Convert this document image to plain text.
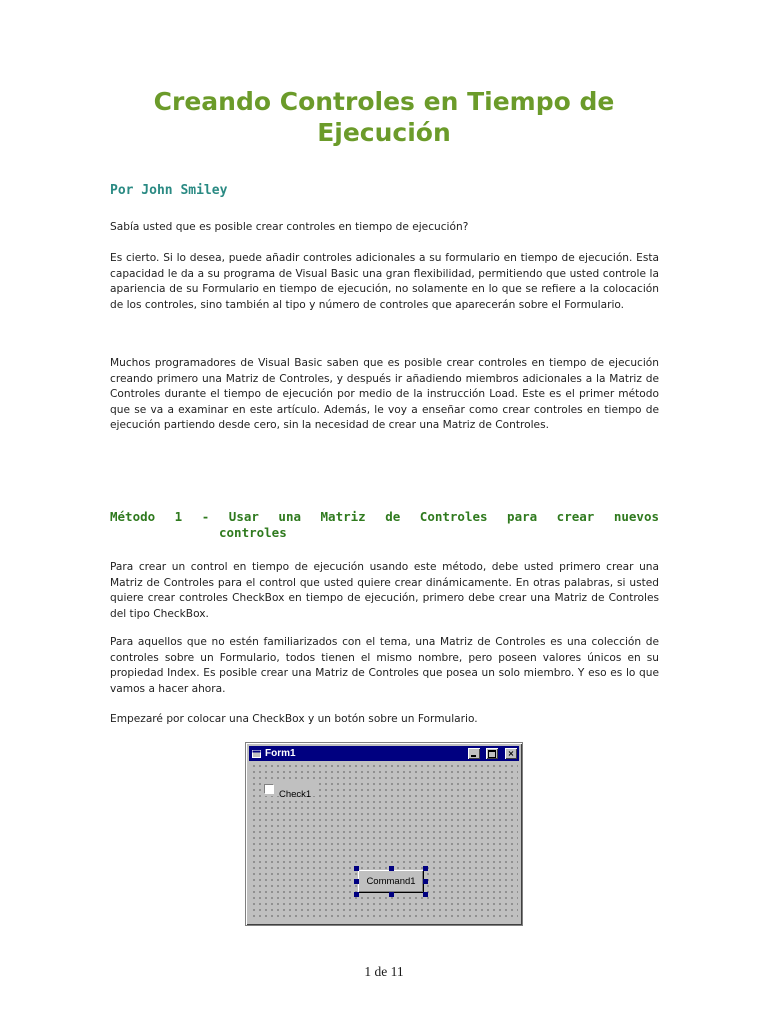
Creando Controles en Tiempo de Ejecución

Por John Smiley

Sabía usted que es posible crear controles en tiempo de ejecución?

Es cierto. Si lo desea, puede añadir controles adicionales a su formulario en tiempo de ejecución. Esta capacidad le da a su programa de Visual Basic una gran flexibilidad, permitiendo que usted controle la apariencia de su Formulario en tiempo de ejecución, no solamente en lo que se refiere a la colocación de los controles, sino también al tipo y número de controles que aparecerán sobre el Formulario.

Muchos programadores de Visual Basic saben que es posible crear controles en tiempo de ejecución creando primero una Matriz de Controles, y después ir añadiendo miembros adicionales a la Matriz de Controles durante el tiempo de ejecución por medio de la instrucción Load. Este es el primer método que se va a examinar en este artículo. Además, le voy a enseñar como crear controles en tiempo de ejecución partiendo desde cero, sin la necesidad de crear una Matriz de Controles.

Método 1 - Usar una Matriz de Controles para crear nuevos
controles

Para crear un control en tiempo de ejecución usando este método, debe usted primero crear una Matriz de Controles para el control que usted quiere crear dinámicamente. En otras palabras, si usted quiere crear controles CheckBox en tiempo de ejecución, primero debe crear una Matriz de Controles del tipo CheckBox.

Para aquellos que no estén familiarizados con el tema, una Matriz de Controles es una colección de controles sobre un Formulario, todos tienen el mismo nombre, pero poseen valores únicos en su propiedad Index. Es posible crear una Matriz de Controles que posea un solo miembro. Y eso es lo que vamos a hacer ahora.

Empezaré por colocar una CheckBox y un botón sobre un Formulario.

Form1	×
Check1
Command1
1 de 11
